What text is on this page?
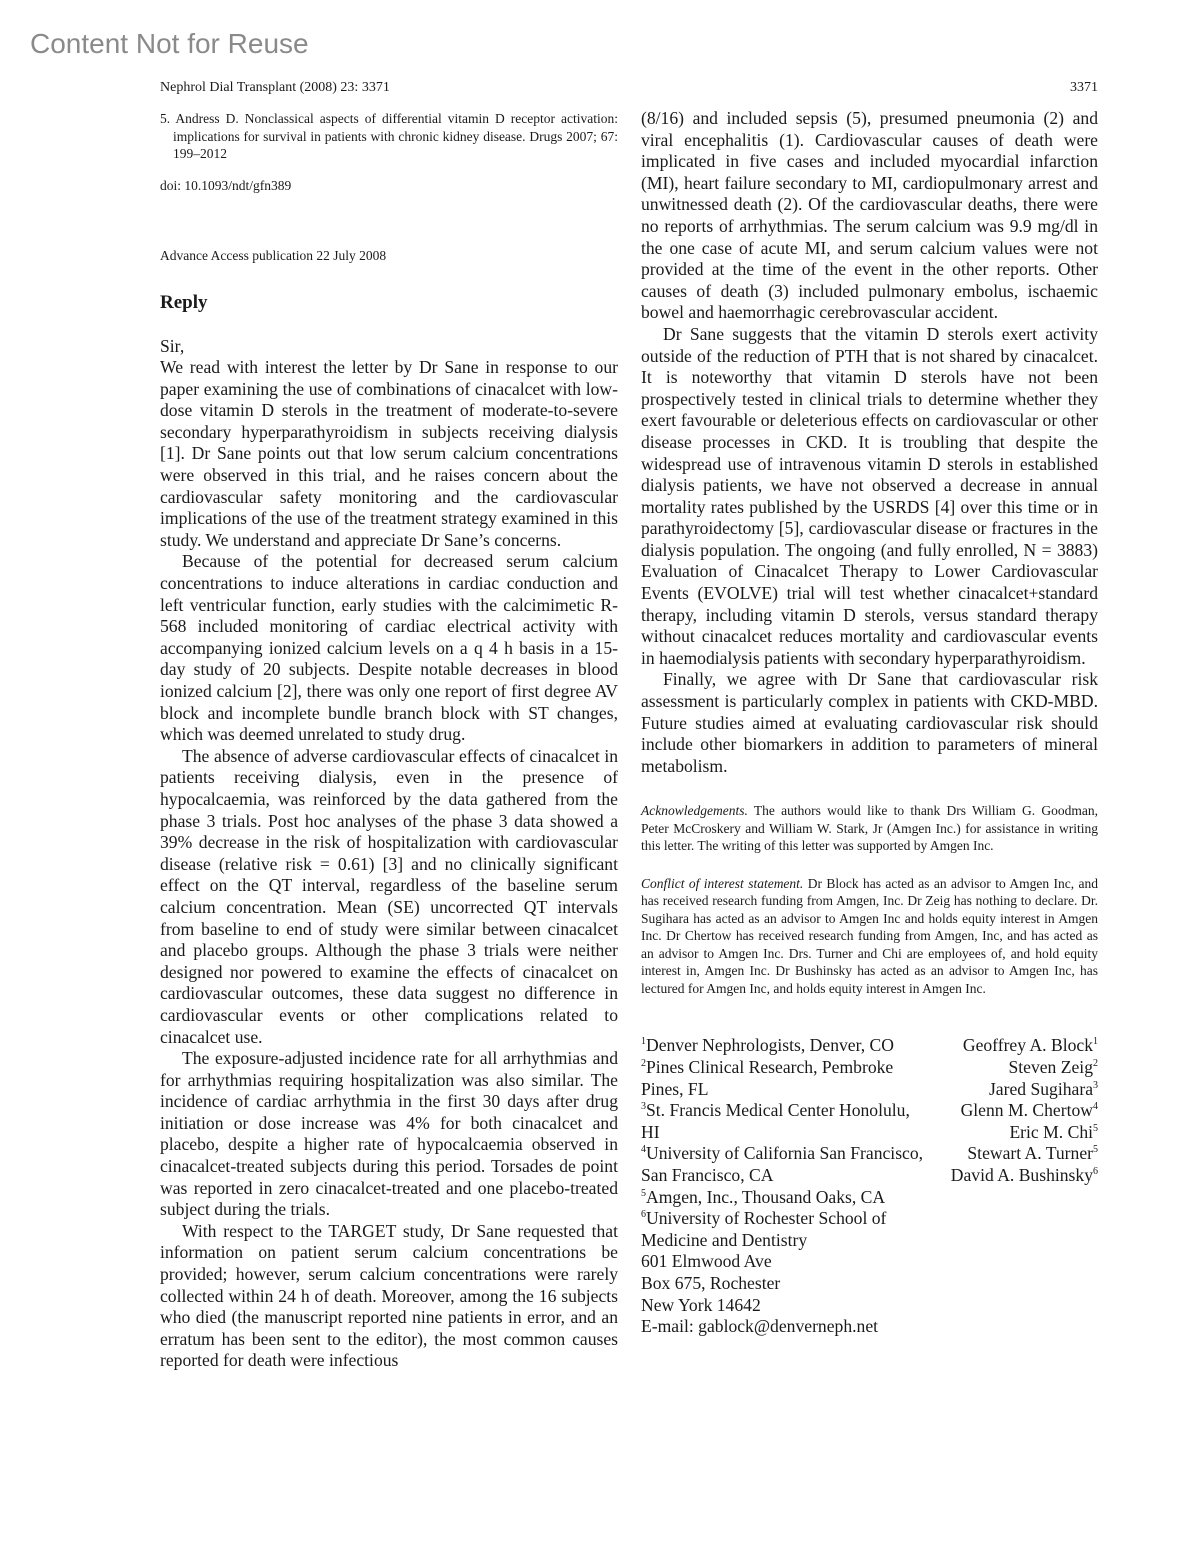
Content Not for Reuse
Nephrol Dial Transplant (2008) 23: 3371	3371
5. Andress D. Nonclassical aspects of differential vitamin D receptor activation: implications for survival in patients with chronic kidney disease. Drugs 2007; 67: 199–2012
doi: 10.1093/ndt/gfn389
Advance Access publication 22 July 2008
Reply
Sir,

We read with interest the letter by Dr Sane in response to our paper examining the use of combinations of cinacalcet with low-dose vitamin D sterols in the treatment of moderate-to-severe secondary hyperparathyroidism in subjects receiving dialysis [1]. Dr Sane points out that low serum calcium concentrations were observed in this trial, and he raises concern about the cardiovascular safety monitoring and the cardiovascular implications of the use of the treatment strategy examined in this study. We understand and appreciate Dr Sane’s concerns.

Because of the potential for decreased serum calcium concentrations to induce alterations in cardiac conduction and left ventricular function, early studies with the calcimimetic R-568 included monitoring of cardiac electrical activity with accompanying ionized calcium levels on a q 4 h basis in a 15-day study of 20 subjects. Despite notable decreases in blood ionized calcium [2], there was only one report of first degree AV block and incomplete bundle branch block with ST changes, which was deemed unrelated to study drug.

The absence of adverse cardiovascular effects of cinacalcet in patients receiving dialysis, even in the presence of hypocalcaemia, was reinforced by the data gathered from the phase 3 trials. Post hoc analyses of the phase 3 data showed a 39% decrease in the risk of hospitalization with cardiovascular disease (relative risk = 0.61) [3] and no clinically significant effect on the QT interval, regardless of the baseline serum calcium concentration. Mean (SE) uncorrected QT intervals from baseline to end of study were similar between cinacalcet and placebo groups. Although the phase 3 trials were neither designed nor powered to examine the effects of cinacalcet on cardiovascular outcomes, these data suggest no difference in cardiovascular events or other complications related to cinacalcet use.

The exposure-adjusted incidence rate for all arrhythmias and for arrhythmias requiring hospitalization was also similar. The incidence of cardiac arrhythmia in the first 30 days after drug initiation or dose increase was 4% for both cinacalcet and placebo, despite a higher rate of hypocalcaemia observed in cinacalcet-treated subjects during this period. Torsades de point was reported in zero cinacalcet-treated and one placebo-treated subject during the trials.

With respect to the TARGET study, Dr Sane requested that information on patient serum calcium concentrations be provided; however, serum calcium concentrations were rarely collected within 24 h of death. Moreover, among the 16 subjects who died (the manuscript reported nine patients in error, and an erratum has been sent to the editor), the most common causes reported for death were infectious

(8/16) and included sepsis (5), presumed pneumonia (2) and viral encephalitis (1). Cardiovascular causes of death were implicated in five cases and included myocardial infarction (MI), heart failure secondary to MI, cardiopulmonary arrest and unwitnessed death (2). Of the cardiovascular deaths, there were no reports of arrhythmias. The serum calcium was 9.9 mg/dl in the one case of acute MI, and serum calcium values were not provided at the time of the event in the other reports. Other causes of death (3) included pulmonary embolus, ischaemic bowel and haemorrhagic cerebrovascular accident.

Dr Sane suggests that the vitamin D sterols exert activity outside of the reduction of PTH that is not shared by cinacalcet. It is noteworthy that vitamin D sterols have not been prospectively tested in clinical trials to determine whether they exert favourable or deleterious effects on cardiovascular or other disease processes in CKD. It is troubling that despite the widespread use of intravenous vitamin D sterols in established dialysis patients, we have not observed a decrease in annual mortality rates published by the USRDS [4] over this time or in parathyroidectomy [5], cardiovascular disease or fractures in the dialysis population. The ongoing (and fully enrolled, N = 3883) Evaluation of Cinacalcet Therapy to Lower Cardiovascular Events (EVOLVE) trial will test whether cinacalcet+standard therapy, including vitamin D sterols, versus standard therapy without cinacalcet reduces mortality and cardiovascular events in haemodialysis patients with secondary hyperparathyroidism.

Finally, we agree with Dr Sane that cardiovascular risk assessment is particularly complex in patients with CKD-MBD. Future studies aimed at evaluating cardiovascular risk should include other biomarkers in addition to parameters of mineral metabolism.

Acknowledgements. The authors would like to thank Drs William G. Goodman, Peter McCroskery and William W. Stark, Jr (Amgen Inc.) for assistance in writing this letter. The writing of this letter was supported by Amgen Inc.
Conflict of interest statement. Dr Block has acted as an advisor to Amgen Inc, and has received research funding from Amgen, Inc. Dr Zeig has nothing to declare. Dr. Sugihara has acted as an advisor to Amgen Inc and holds equity interest in Amgen Inc. Dr Chertow has received research funding from Amgen, Inc, and has acted as an advisor to Amgen Inc. Drs. Turner and Chi are employees of, and hold equity interest in, Amgen Inc. Dr Bushinsky has acted as an advisor to Amgen Inc, has lectured for Amgen Inc, and holds equity interest in Amgen Inc.
$^1$Denver Nephrologists, Denver, CO
$^2$Pines Clinical Research, Pembroke Pines, FL
$^3$St. Francis Medical Center Honolulu, HI
$^4$University of California San Francisco, San Francisco, CA
$^5$Amgen, Inc., Thousand Oaks, CA
$^6$University of Rochester School of Medicine and Dentistry
601 Elmwood Ave
Box 675, Rochester
New York 14642
E-mail: gablock@denverneph.net
Geoffrey A. Block$^1$
Steven Zeig$^2$
Jared Sugihara$^3$
Glenn M. Chertow$^4$
Eric M. Chi$^5$
Stewart A. Turner$^5$
David A. Bushinsky$^6$
